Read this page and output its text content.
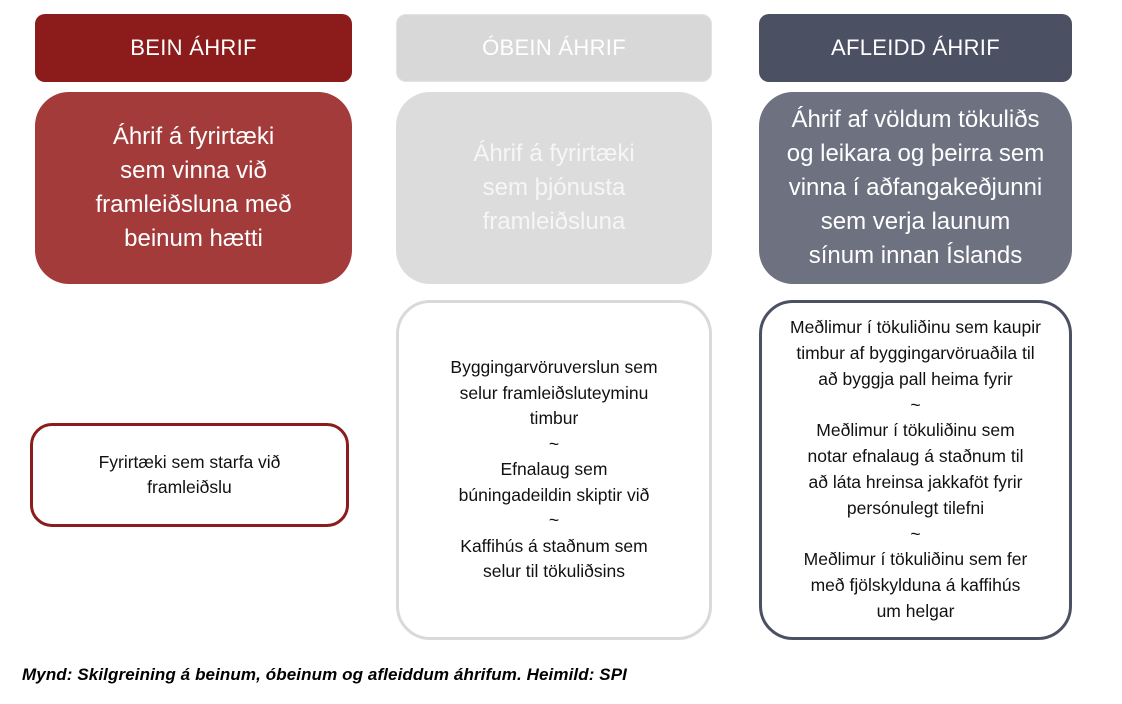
BEIN ÁHRIF
Áhrif á fyrirtæki
sem vinna við
framleiðsluna með
beinum hætti
Fyrirtæki sem starfa við
framleiðslu
ÓBEIN ÁHRIF
Áhrif á fyrirtæki
sem þjónusta
framleiðsluna
Byggingarvöruverslun sem
selur framleiðsluteyminu
timbur
~
Efnalaug sem
búningadeildin skiptir við
~
Kaffihús á staðnum sem
selur til tökuliðsins
AFLEIDD ÁHRIF
Áhrif af völdum tökuliðs
og leikara og þeirra sem
vinna í aðfangakeðjunni
sem verja launum
sínum innan Íslands
Meðlimur í tökuliðinu sem kaupir
timbur af byggingarvöruaðila til
að byggja pall heima fyrir
~
Meðlimur í tökuliðinu sem
notar efnalaug á staðnum til
að láta hreinsa jakkaföt fyrir
persónulegt tilefni
~
Meðlimur í tökuliðinu sem fer
með fjölskylduna á kaffihús
um helgar
Mynd: Skilgreining á beinum, óbeinum og afleiddum áhrifum. Heimild: SPI
